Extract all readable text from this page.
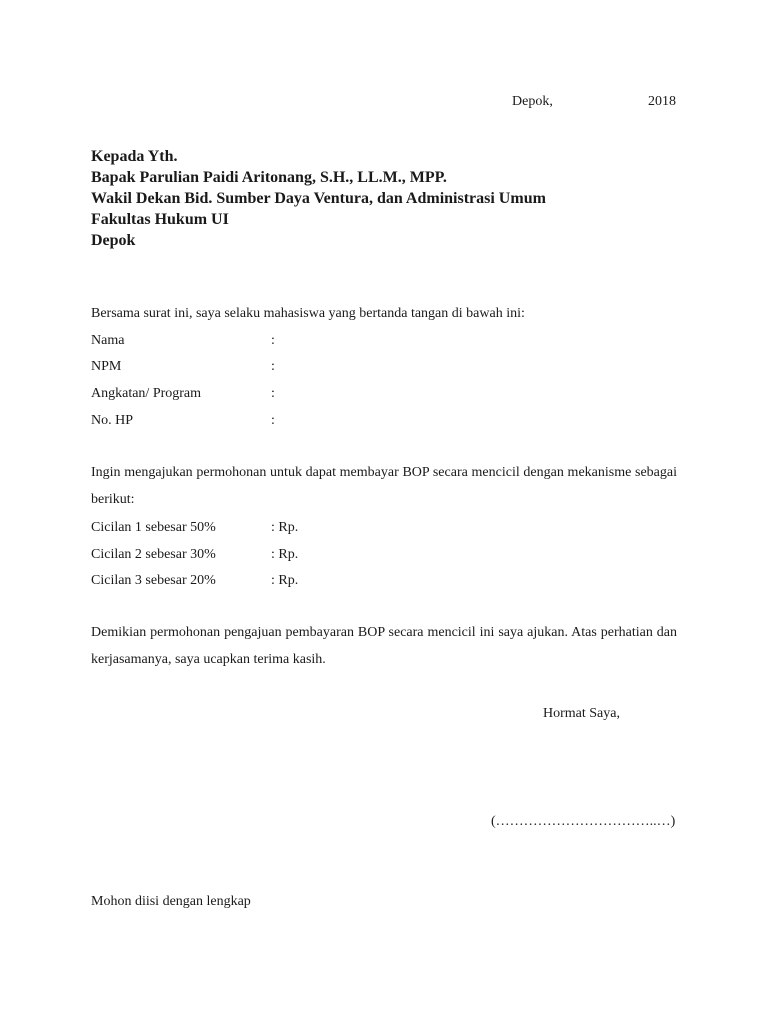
Depok,	2018
Kepada Yth.
Bapak Parulian Paidi Aritonang, S.H., LL.M., MPP.
Wakil Dekan Bid. Sumber Daya Ventura, dan Administrasi Umum
Fakultas Hukum UI
Depok
Bersama surat ini, saya selaku mahasiswa yang bertanda tangan di bawah ini:
Nama	:
NPM	:
Angkatan/ Program	:
No. HP	:
Ingin mengajukan permohonan untuk dapat membayar BOP secara mencicil dengan mekanisme sebagai berikut:
Cicilan 1 sebesar 50%	: Rp.
Cicilan 2 sebesar 30%	: Rp.
Cicilan 3 sebesar 20%	: Rp.
Demikian permohonan pengajuan pembayaran BOP secara mencicil ini saya ajukan. Atas perhatian dan kerjasamanya, saya ucapkan terima kasih.
Hormat Saya,
(……………………………..…)
Mohon diisi dengan lengkap
